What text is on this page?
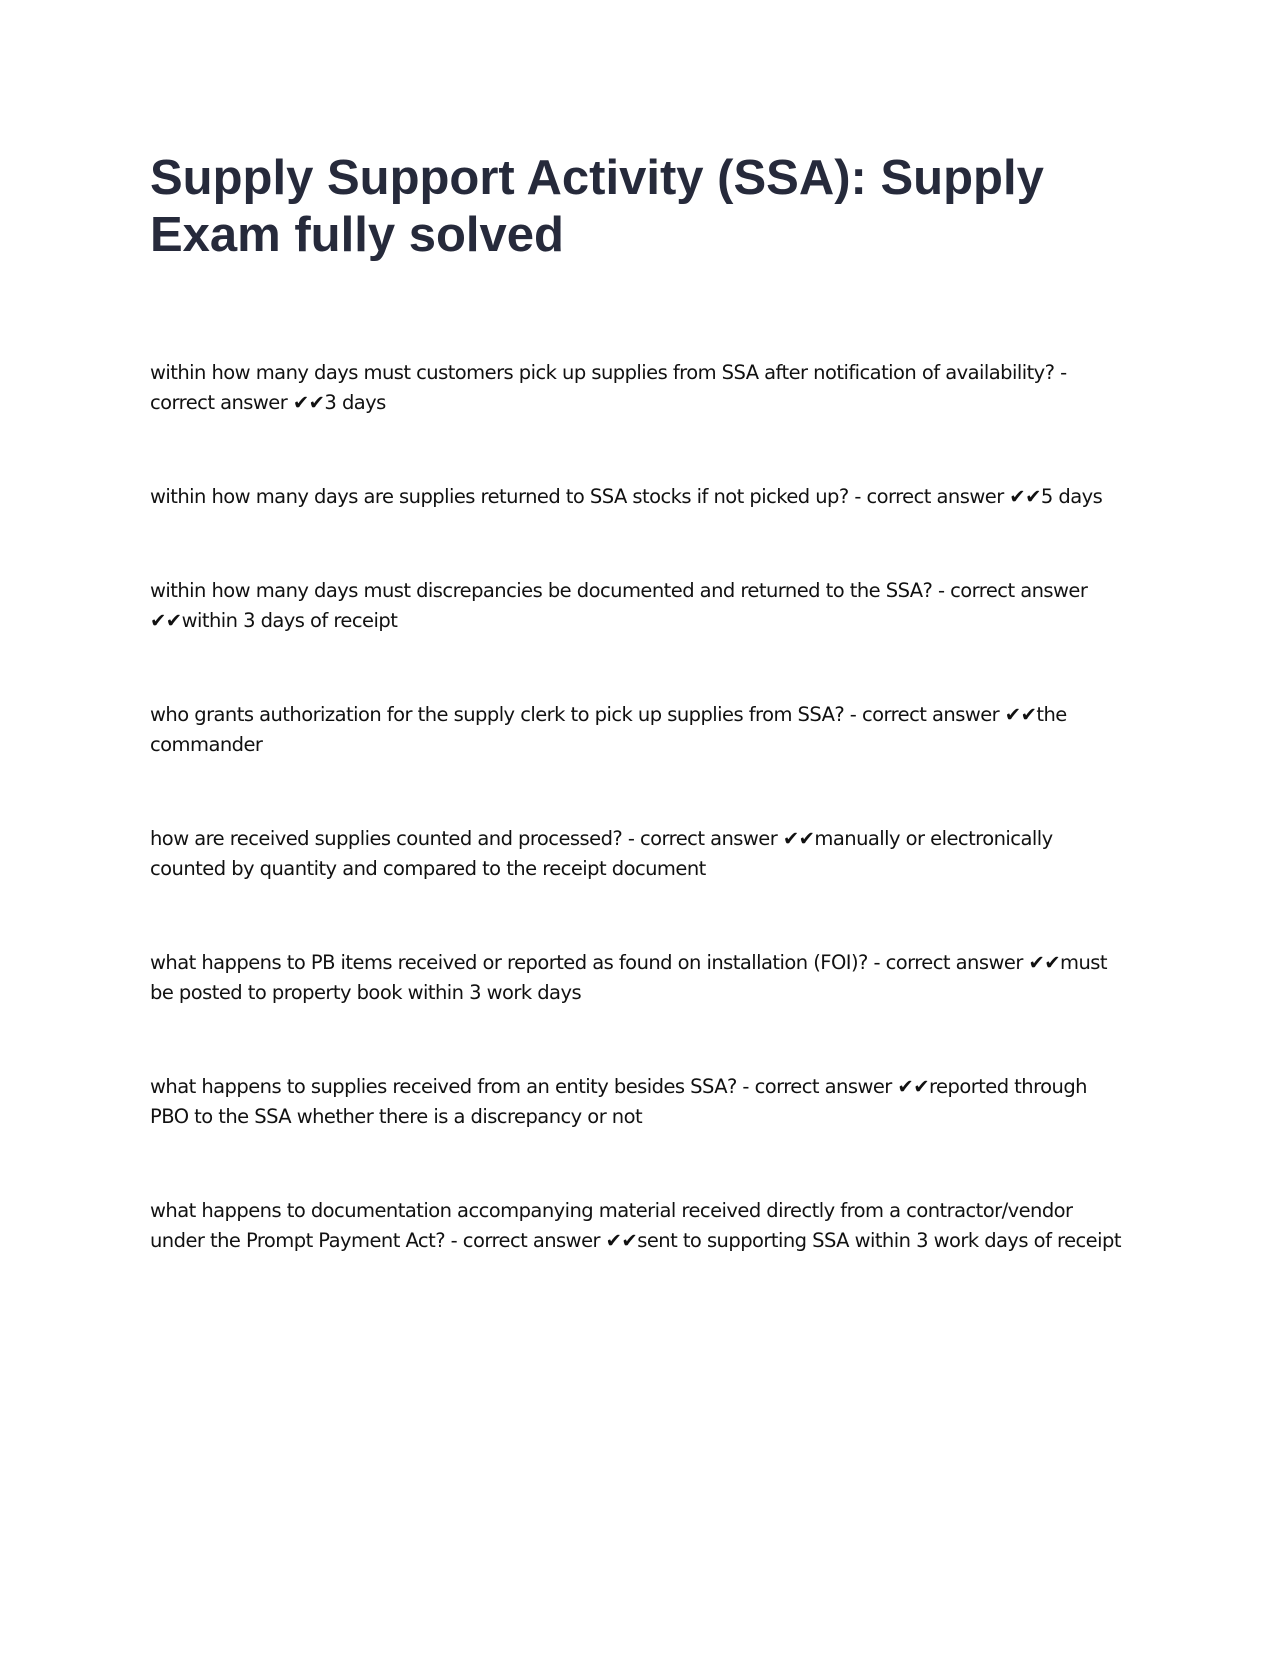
Supply Support Activity (SSA): Supply Exam fully solved

within how many days must customers pick up supplies from SSA after notification of availability? - correct answer ✔✔3 days

within how many days are supplies returned to SSA stocks if not picked up? - correct answer ✔✔5 days

within how many days must discrepancies be documented and returned to the SSA? - correct answer ✔✔within 3 days of receipt

who grants authorization for the supply clerk to pick up supplies from SSA? - correct answer ✔✔the commander

how are received supplies counted and processed? - correct answer ✔✔manually or electronically counted by quantity and compared to the receipt document

what happens to PB items received or reported as found on installation (FOI)? - correct answer ✔✔must be posted to property book within 3 work days

what happens to supplies received from an entity besides SSA? - correct answer ✔✔reported through PBO to the SSA whether there is a discrepancy or not

what happens to documentation accompanying material received directly from a contractor/vendor under the Prompt Payment Act? - correct answer ✔✔sent to supporting SSA within 3 work days of receipt
